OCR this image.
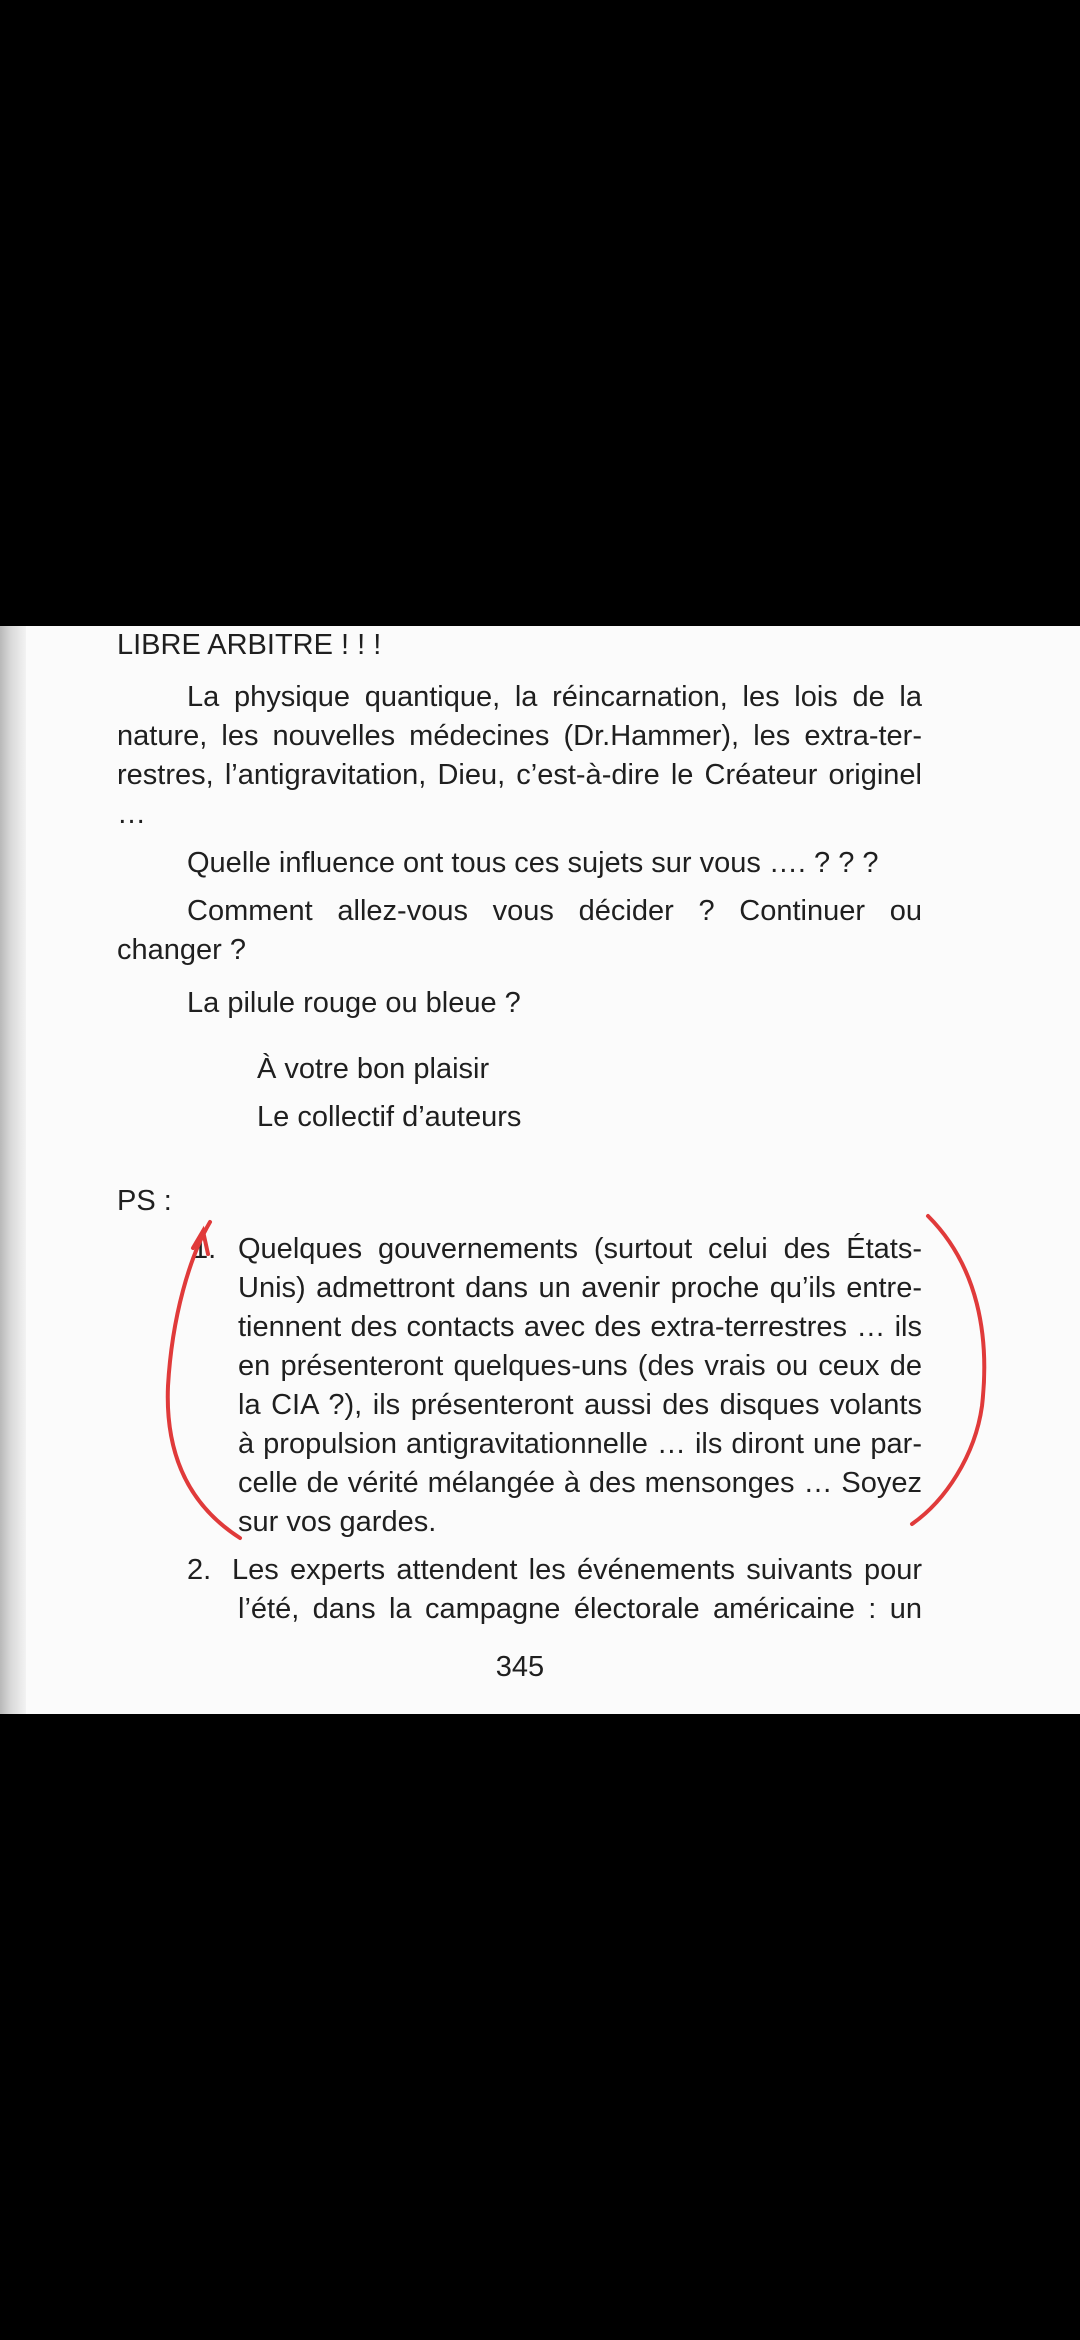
LIBRE ARBITRE ! ! !
La physique quantique, la réincarnation, les lois de la
nature, les nouvelles médecines (Dr.Hammer), les extra-ter-
restres, l’antigravitation, Dieu, c’est-à-dire le Créateur originel
…
Quelle influence ont tous ces sujets sur vous …. ? ? ?
Comment allez-vous vous décider ? Continuer ou
changer ?
La pilule rouge ou bleue ?
À votre bon plaisir
Le collectif d’auteurs
PS :
1. Quelques gouvernements (surtout celui des États-
Unis) admettront dans un avenir proche qu’ils entre-
tiennent des contacts avec des extra-terrestres … ils
en présenteront quelques-uns (des vrais ou ceux de
la CIA ?), ils présenteront aussi des disques volants
à propulsion antigravitationnelle … ils diront une par-
celle de vérité mélangée à des mensonges … Soyez
sur vos gardes.
2. Les experts attendent les événements suivants pour
l’été, dans la campagne électorale américaine : un
345
